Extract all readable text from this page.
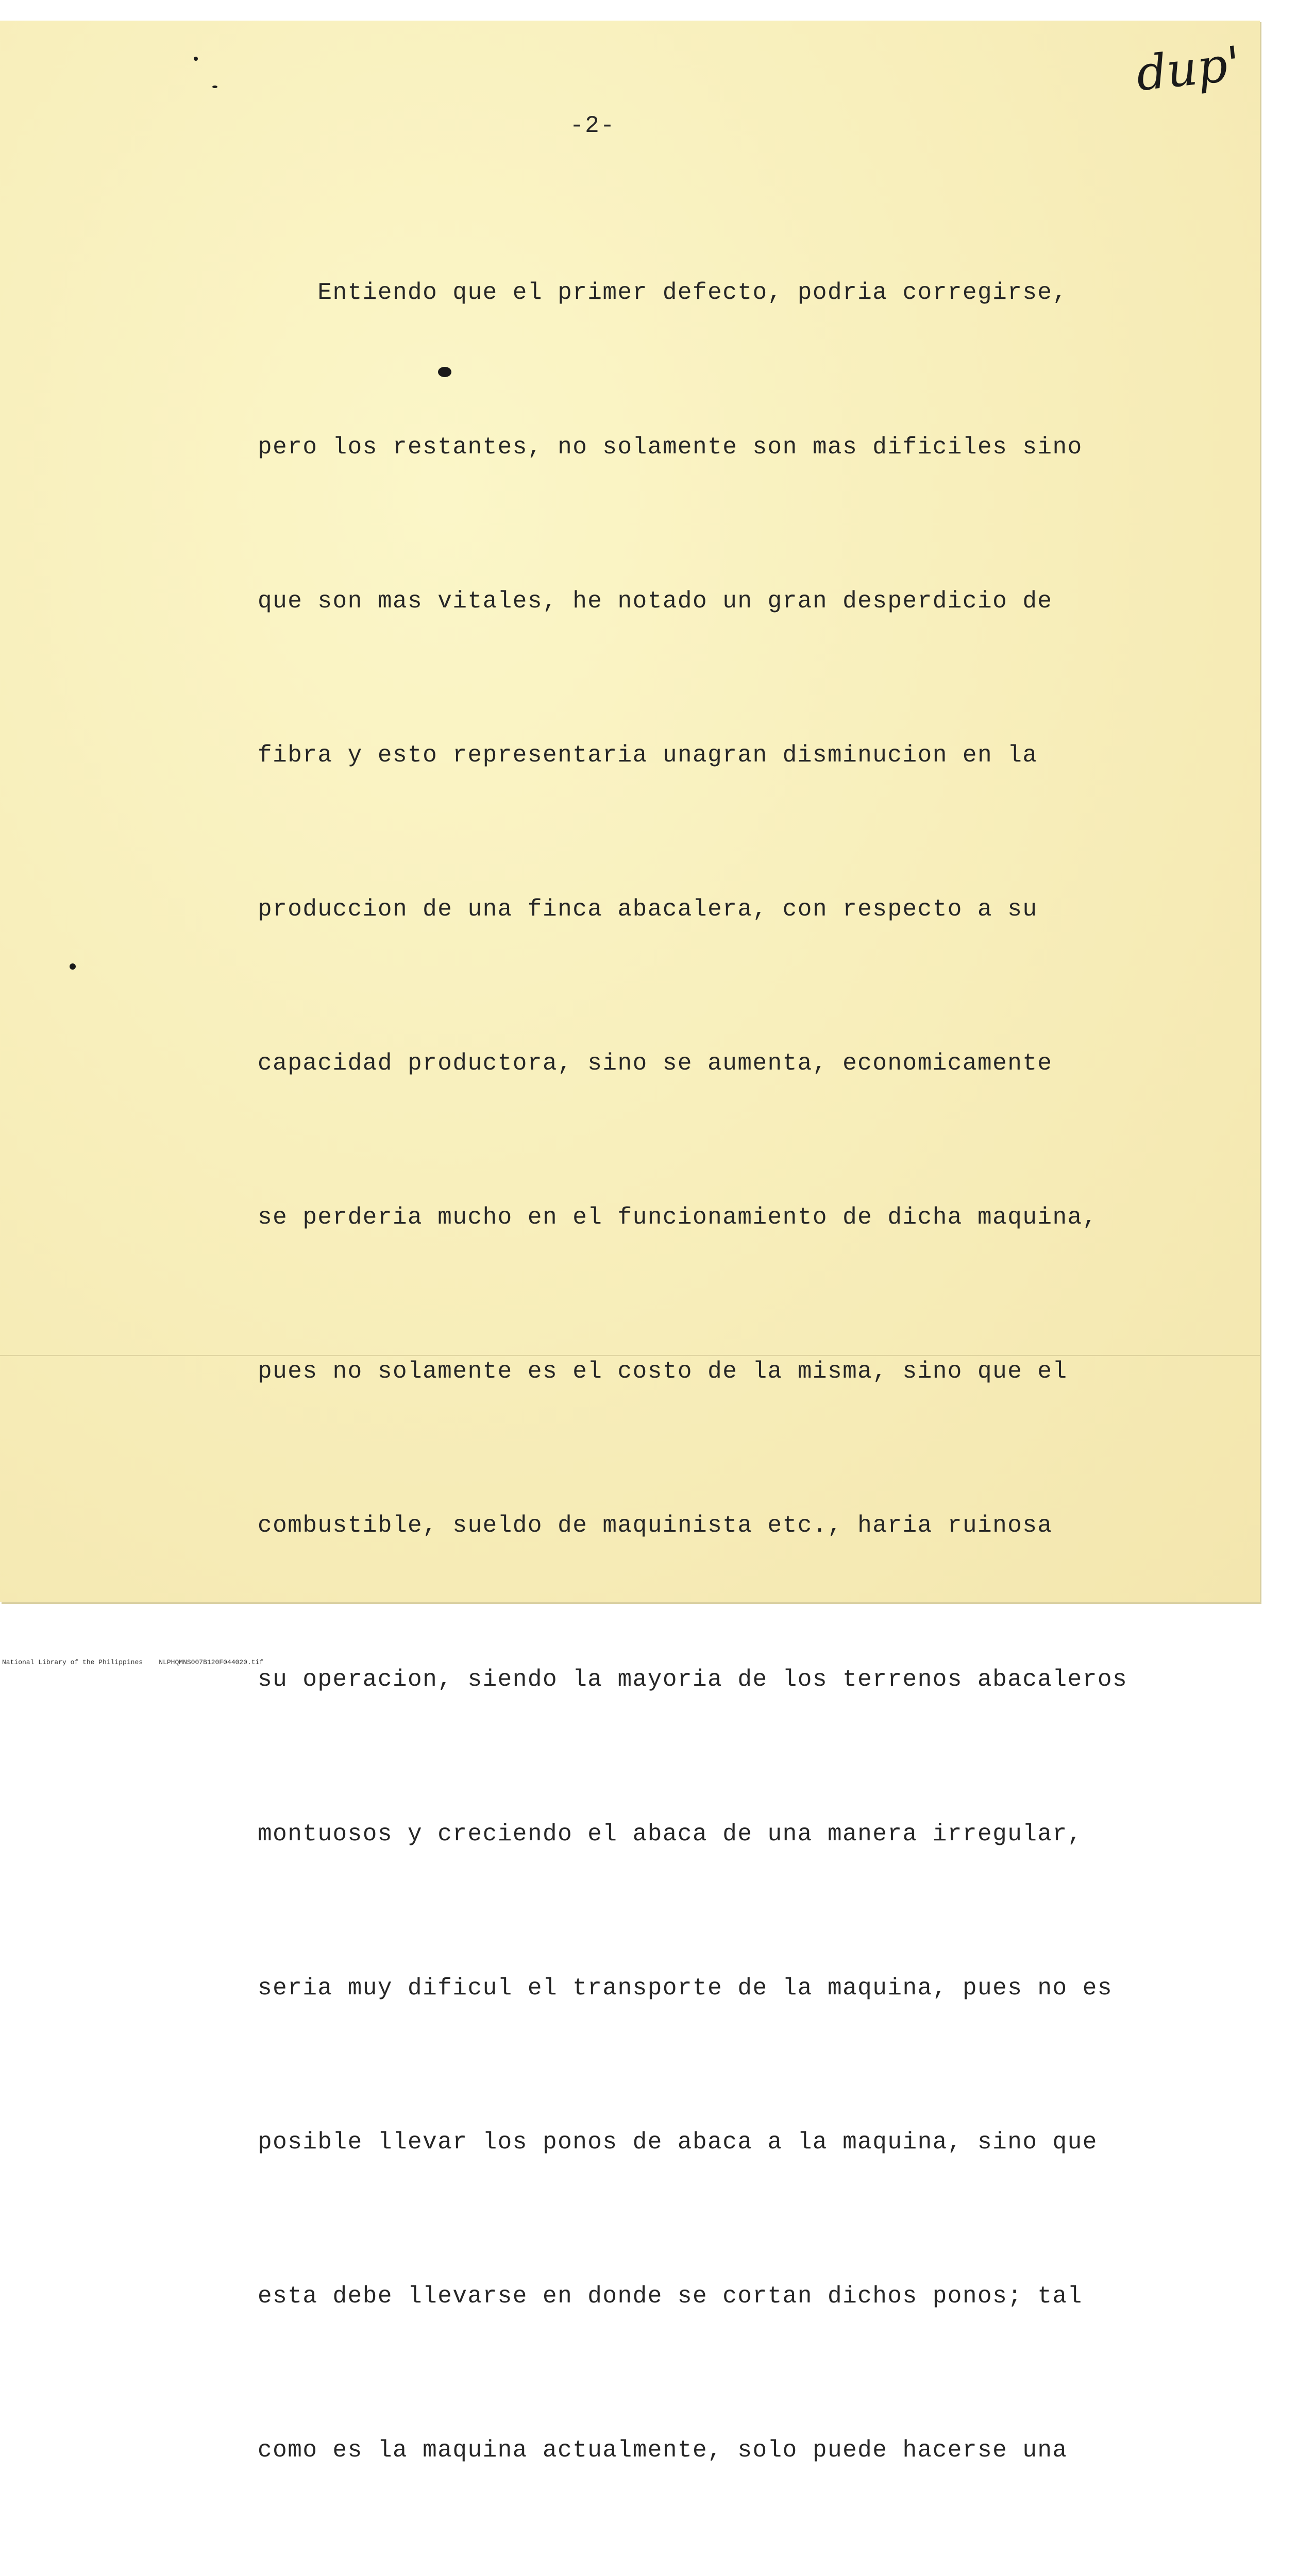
dup'
-2-

Entiendo que el primer defecto, podria corregirse,

pero los restantes, no solamente son mas dificiles sino

que son mas vitales, he notado un gran desperdicio de

fibra y esto representaria unagran disminucion en la

produccion de una finca abacalera, con respecto a su

capacidad productora, sino se aumenta, economicamente

se perderia mucho en el funcionamiento de dicha maquina,

pues no solamente es el costo de la misma, sino que el

combustible, sueldo de maquinista etc., haria ruinosa

su operacion, siendo la mayoria de los terrenos abacaleros

montuosos y creciendo el abaca de una manera irregular,

seria muy dificul el transporte de la maquina, pues no es

posible llevar los ponos de abaca a la maquina, sino que

esta debe llevarse en donde se cortan dichos ponos; tal

como es la maquina actualmente, solo puede hacerse una

National Library of the Philippines NLPHQMNS007B120F044020.tif
